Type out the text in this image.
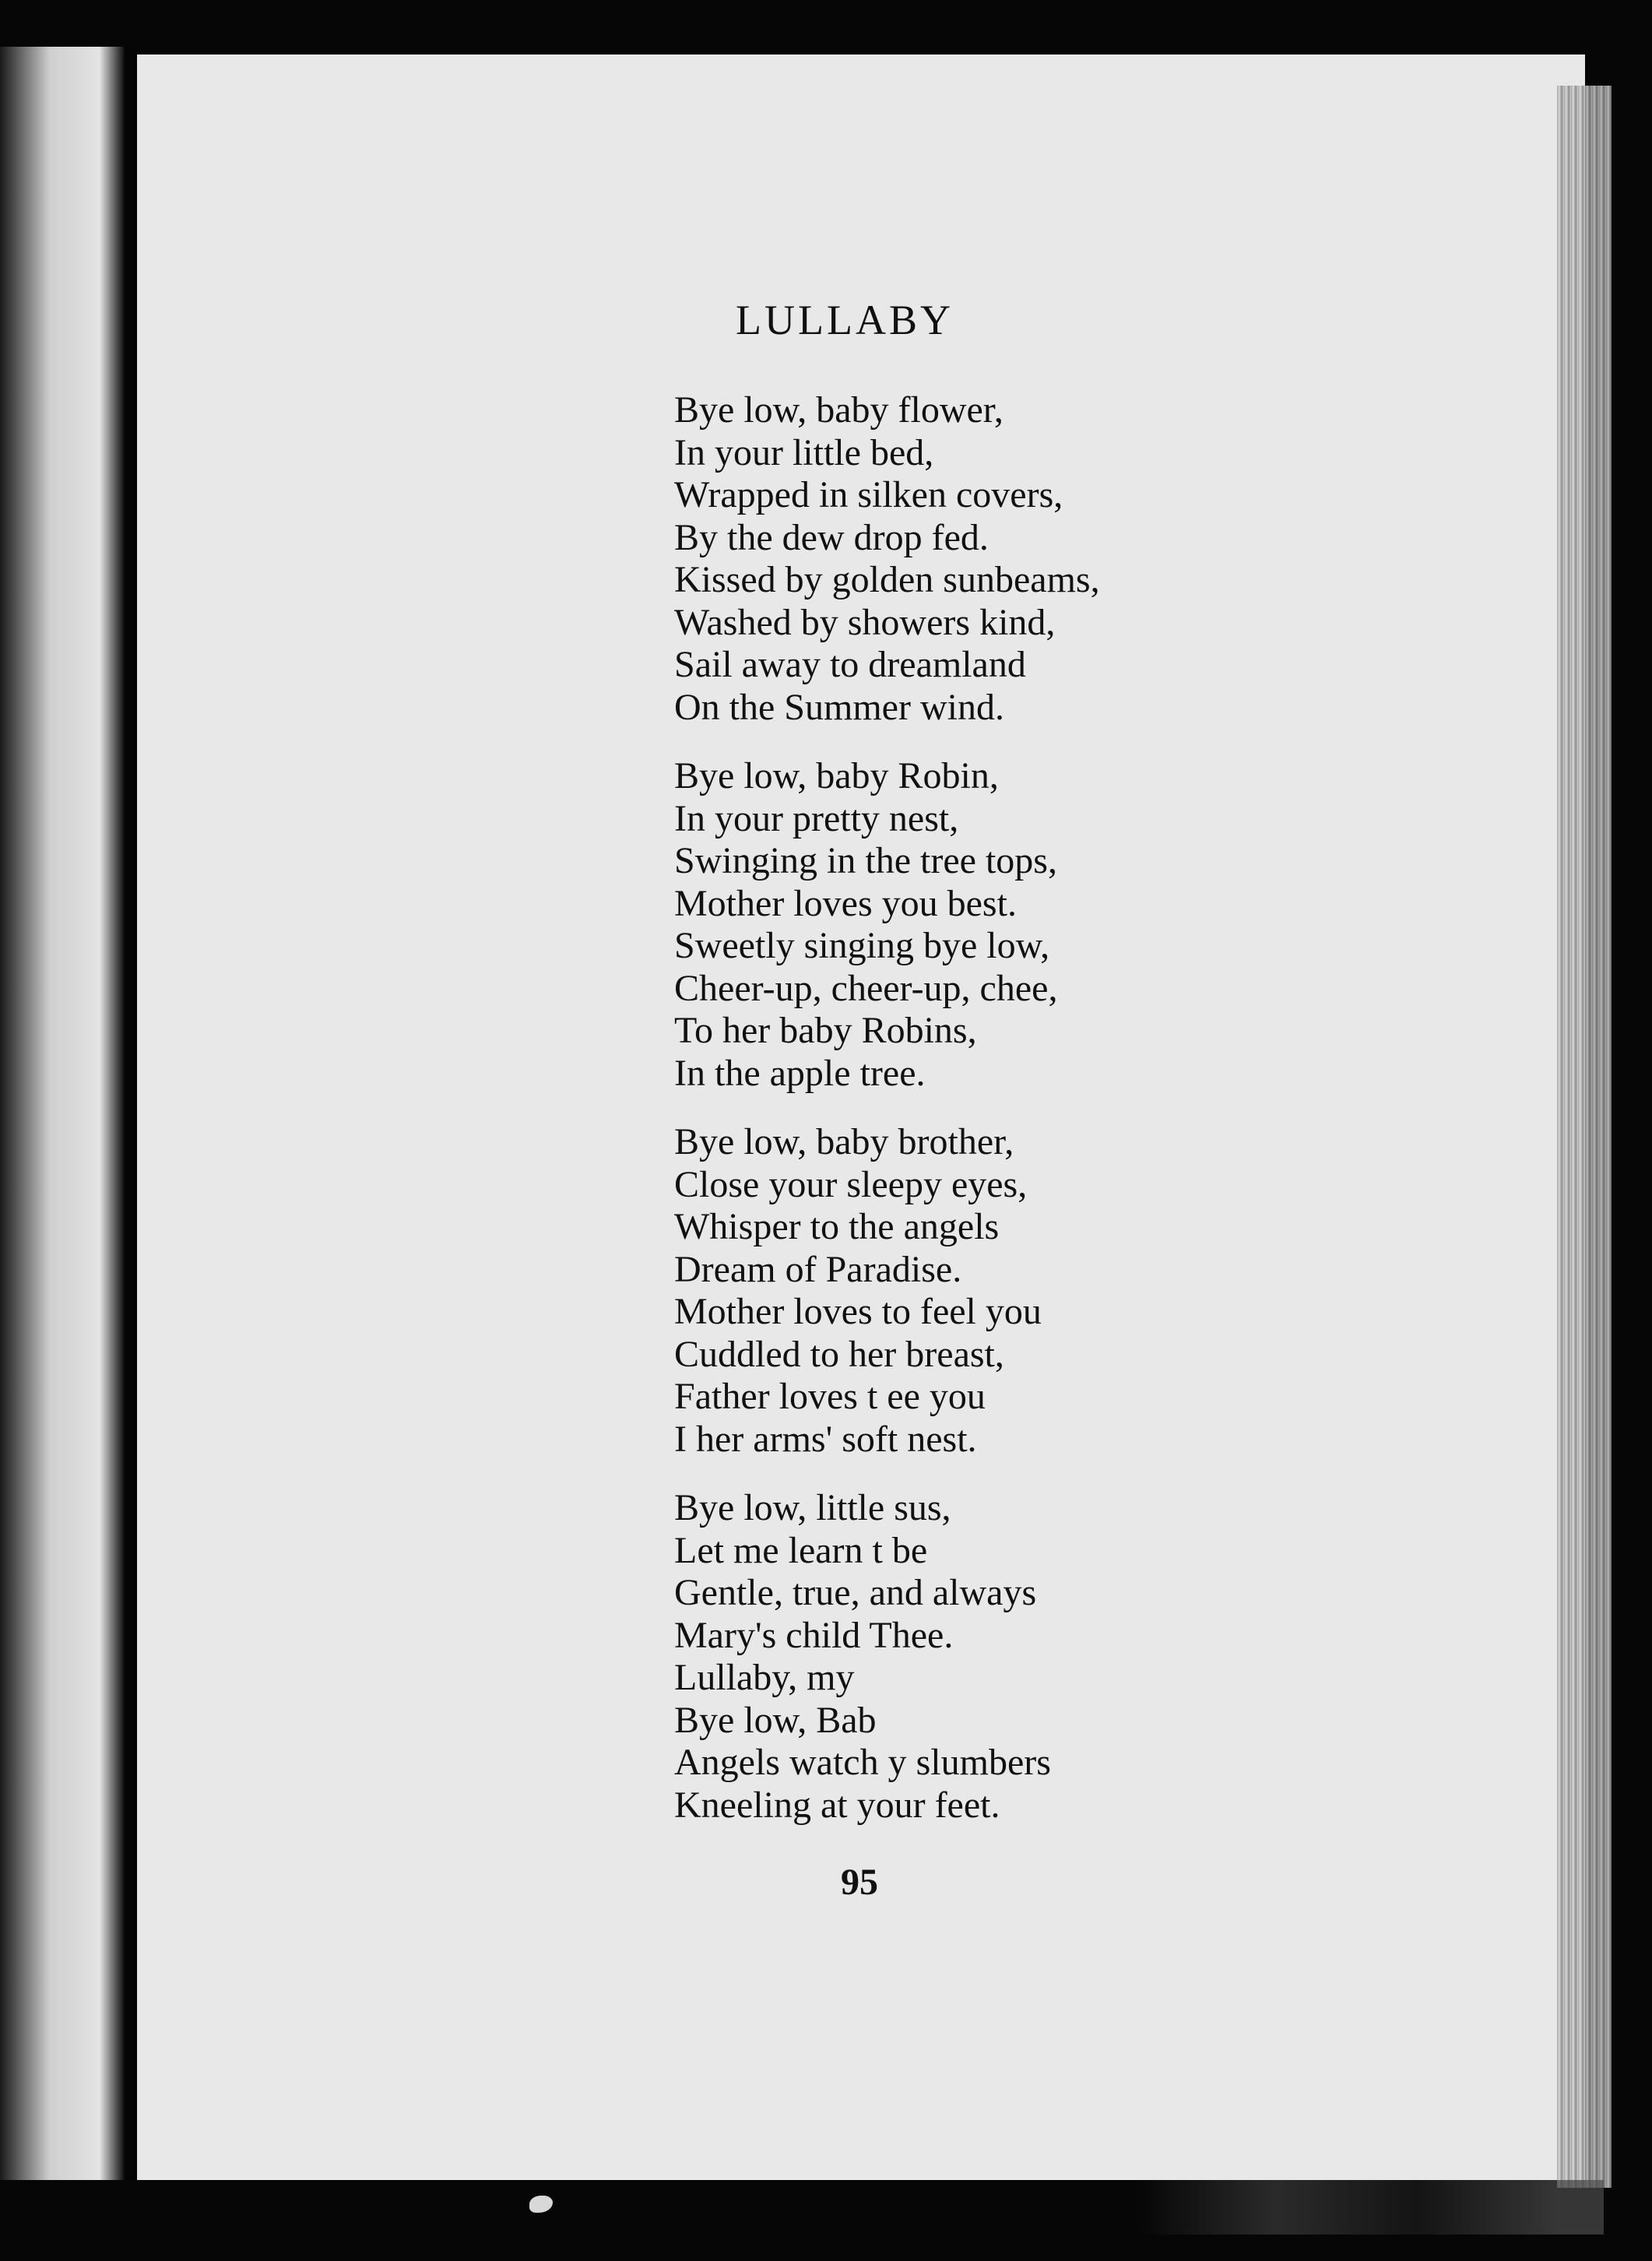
LULLABY
Bye low, baby flower,
In your little bed,
Wrapped in silken covers,
By the dew drop fed.
Kissed by golden sunbeams,
Washed by showers kind,
Sail away to dreamland
On the Summer wind.
Bye low, baby Robin,
In your pretty nest,
Swinging in the tree tops,
Mother loves you best.
Sweetly singing bye low,
Cheer-up, cheer-up, chee,
To her baby Robins,
In the apple tree.
Bye low, baby brother,
Close your sleepy eyes,
Whisper to the angels
Dream of Paradise.
Mother loves to feel you
Cuddled to her breast,
Father loves t ee you
I her arms' soft nest.
Bye low, little sus,
Let me learn t be
Gentle, true, and always
Mary's child Thee.
Lullaby, my
Bye low, Bab
Angels watch y slumbers
Kneeling at your feet.
95
